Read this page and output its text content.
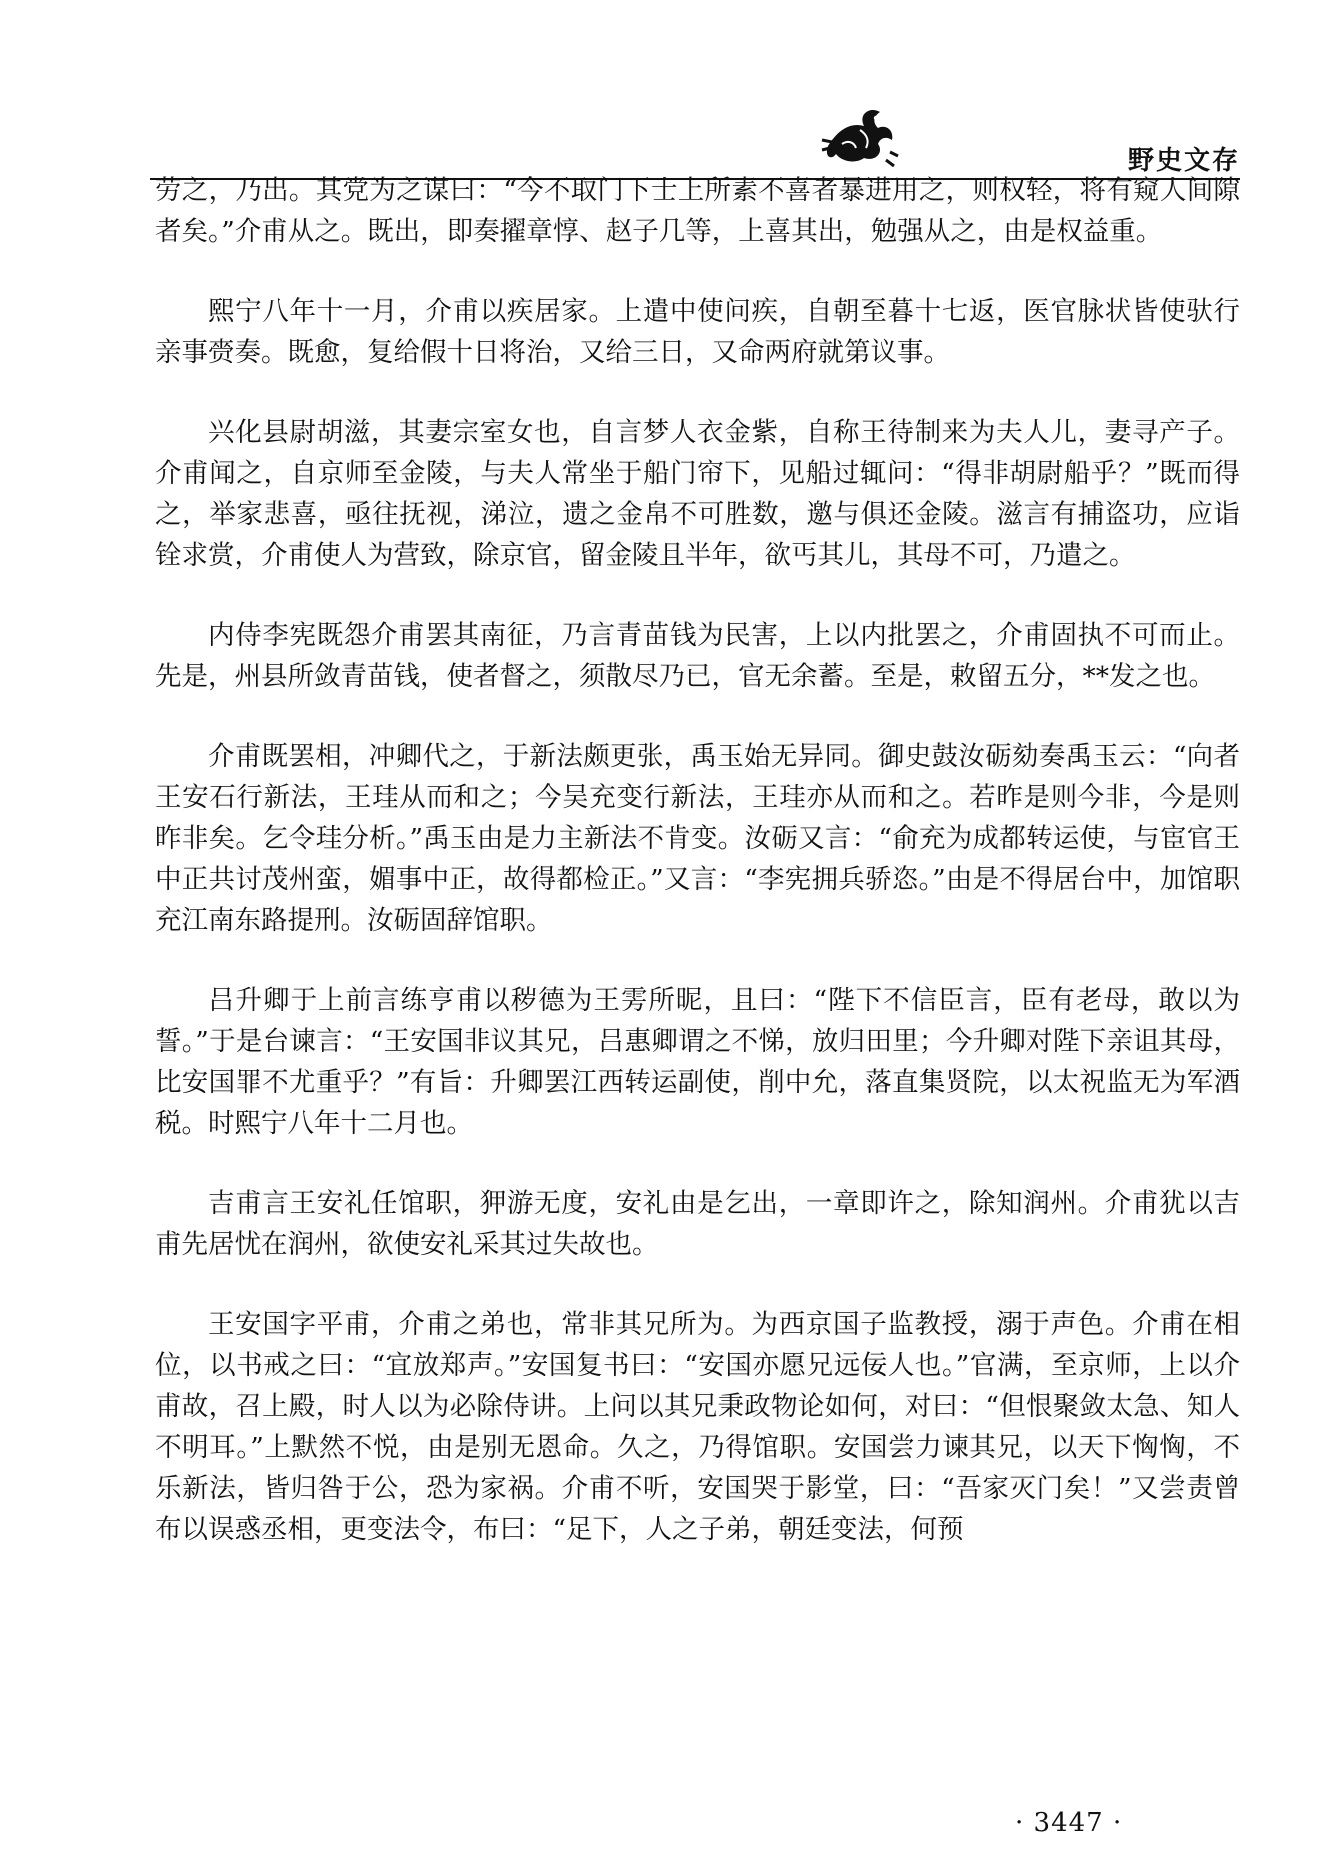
野史文存

劳之，乃出。其党为之谋曰：“今不取门下士上所素不喜者暴进用之，则权轻，将有窥人间隙者矣。”介甫从之。既出，即奏擢章惇、赵子几等，上喜其出，勉强从之，由是权益重。

熙宁八年十一月，介甫以疾居家。上遣中使问疾，自朝至暮十七返，医官脉状皆使驮行亲事赍奏。既愈，复给假十日将治，又给三日，又命两府就第议事。

兴化县尉胡滋，其妻宗室女也，自言梦人衣金紫，自称王待制来为夫人儿，妻寻产子。介甫闻之，自京师至金陵，与夫人常坐于船门帘下，见船过辄问：“得非胡尉船乎？”既而得之，举家悲喜，亟往抚视，涕泣，遗之金帛不可胜数，邀与俱还金陵。滋言有捕盗功，应诣铨求赏，介甫使人为营致，除京官，留金陵且半年，欲丐其儿，其母不可，乃遣之。

内侍李宪既怨介甫罢其南征，乃言青苗钱为民害，上以内批罢之，介甫固执不可而止。先是，州县所敛青苗钱，使者督之，须散尽乃已，官无余蓄。至是，敕留五分，**发之也。

介甫既罢相，冲卿代之，于新法颇更张，禹玉始无异同。御史鼓汝砺劾奏禹玉云：“向者王安石行新法，王珪从而和之；今吴充变行新法，王珪亦从而和之。若昨是则今非，今是则昨非矣。乞令珪分析。”禹玉由是力主新法不肯变。汝砺又言：“俞充为成都转运使，与宦官王中正共讨茂州蛮，媚事中正，故得都检正。”又言：“李宪拥兵骄恣。”由是不得居台中，加馆职充江南东路提刑。汝砺固辞馆职。

吕升卿于上前言练亨甫以秽德为王雱所昵，且曰：“陛下不信臣言，臣有老母，敢以为誓。”于是台谏言：“王安国非议其兄，吕惠卿谓之不悌，放归田里；今升卿对陛下亲诅其母，比安国罪不尤重乎？”有旨：升卿罢江西转运副使，削中允，落直集贤院，以太祝监无为军酒税。时熙宁八年十二月也。

吉甫言王安礼任馆职，狎游无度，安礼由是乞出，一章即许之，除知润州。介甫犹以吉甫先居忧在润州，欲使安礼采其过失故也。

王安国字平甫，介甫之弟也，常非其兄所为。为西京国子监教授，溺于声色。介甫在相位，以书戒之曰：“宜放郑声。”安国复书曰：“安国亦愿兄远佞人也。”官满，至京师，上以介甫故，召上殿，时人以为必除侍讲。上问以其兄秉政物论如何，对曰：“但恨聚敛太急、知人不明耳。”上默然不悦，由是别无恩命。久之，乃得馆职。安国尝力谏其兄，以天下恟恟，不乐新法，皆归咎于公，恐为家祸。介甫不听，安国哭于影堂，曰：“吾家灭门矣！”又尝责曾布以误惑丞相，更变法令，布曰：“足下，人之子弟，朝廷变法，何预

· 3447 ·
